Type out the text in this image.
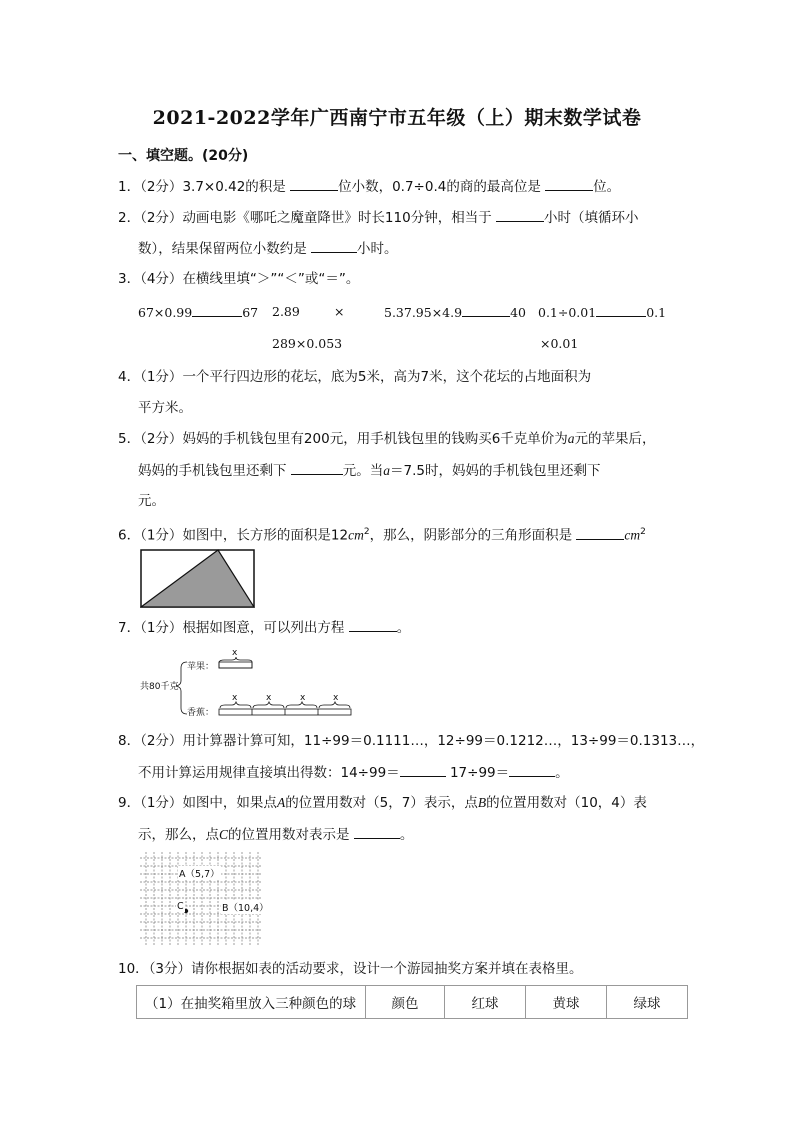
2021-2022学年广西南宁市五年级（上）期末数学试卷
一、填空题。(20分)
1．（2分）3.7×0.42的积是	位小数，0.7÷0.4的商的最高位是	位。
2．（2分）动画电影《哪吒之魔童降世》时长110分钟，相当于	小时（填循环小
数），结果保留两位小数约是	小时。
3．（4分）在横线里填“＞”“＜”或“＝”。
67×0.99	67 2.89	×	5.37.95×4.9	40 0.1÷0.01	0.1
289×0.053	×0.01
4．（1分）一个平行四边形的花坛，底为5米，高为7米，这个花坛的占地面积为
平方米。
5．（2分）妈妈的手机钱包里有200元，用手机钱包里的钱购买6千克单价为a元的苹果后，
妈妈的手机钱包里还剩下	元。当a＝7.5时，妈妈的手机钱包里还剩下
元。
6．（1分）如图中，长方形的面积是$12cm^2$，那么，阴影部分的三角形面积是	$cm^2$
7．（1分）根据如图意，可以列出方程	。
共80千克
苹果：
香蕉：
x
x	x	x	x
8．（2分）用计算器计算可知，11÷99＝0.1111…，12÷99＝0.1212…，13÷99＝0.1313…，
不用计算运用规律直接填出得数：14÷99＝	17÷99＝	。
9．（1分）如图中，如果点A的位置用数对（5，7）表示，点B的位置用数对（10，4）表
示，那么，点C的位置用数对表示是	。
A（5,7）
C	B（10,4）
10．（3分）请你根据如表的活动要求，设计一个游园抽奖方案并填在表格里。
（1）在抽奖箱里放入三种颜色的球	颜色	红球	黄球	绿球
